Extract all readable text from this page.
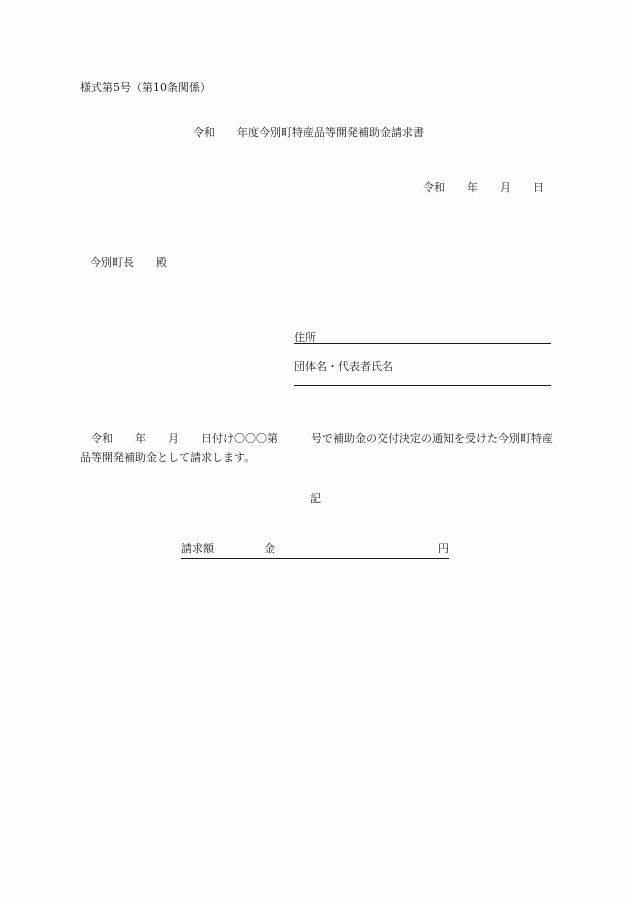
様式第5号（第10条関係）
令和　　年度今別町特産品等開発補助金請求書
令和　　年　　月　　日
今別町長　　殿
住所
団体名・代表者氏名
　令和　　年　　月　　日付け〇〇〇第　　　号で補助金の交付決定の通知を受けた今別町特産品等開発補助金として請求します。
記
請求額	金	円
